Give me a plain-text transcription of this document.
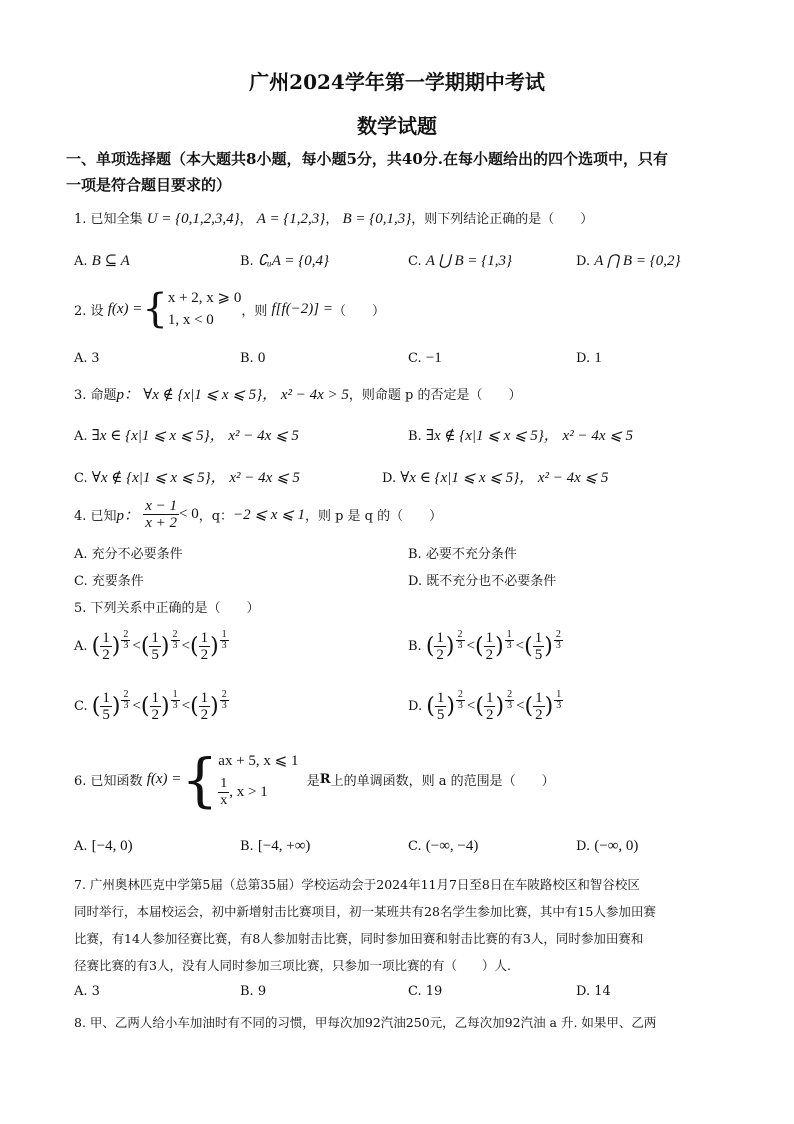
广州2024学年第一学期期中考试
数学试题
一、单项选择题（本大题共8小题，每小题5分，共40分.在每小题给出的四个选项中，只有
一项是符合题目要求的）
1. 已知全集 U = {0,1,2,3,4}， A = {1,2,3}， B = {0,1,3}，则下列结论正确的是（　　）
A. B ⊆ A	B. ∁ᵤA = {0,4}	C. A ⋃ B = {1,3}	D. A ⋂ B = {0,2}
2. 设
f(x) = { x + 2, x ⩾ 0
1, x < 0
，则
f[f(−2)] = （　　）
A. 3	B. 0	C. −1	D. 1
3. 命题p： ∀x ∉ {x|1 ⩽ x ⩽ 5}， x² − 4x > 5，则命题 p 的否定是（　　）
A. ∃x ∈ {x|1 ⩽ x ⩽ 5}， x² − 4x ⩽ 5	B. ∃x ∉ {x|1 ⩽ x ⩽ 5}， x² − 4x ⩽ 5
C. ∀x ∉ {x|1 ⩽ x ⩽ 5}， x² − 4x ⩽ 5	D. ∀x ∈ {x|1 ⩽ x ⩽ 5}， x² − 4x ⩽ 5
4. 已知 p：
$\frac{x - 1}{x + 2} < 0$ ，q： −2 ⩽ x ⩽ 1 ，则 p 是 q 的（　　）
A. 充分不必要条件	B. 必要不充分条件
C. 充要条件	D. 既不充分也不必要条件
5. 下列关系中正确的是（　　）
A.
( $\frac{1}{2}$ ) $\frac{2}{3}$ < ( $\frac{1}{5}$ ) $\frac{2}{3}$ < ( $\frac{1}{2}$ ) $\frac{1}{3}$	B.
( $\frac{1}{2}$ ) $\frac{2}{3}$ < ( $\frac{1}{2}$ ) $\frac{1}{3}$ < ( $\frac{1}{5}$ ) $\frac{2}{3}$
C.
( $\frac{1}{5}$ ) $\frac{2}{3}$ < ( $\frac{1}{2}$ ) $\frac{1}{3}$ < ( $\frac{1}{2}$ ) $\frac{2}{3}$	D.
( $\frac{1}{5}$ ) $\frac{2}{3}$ < ( $\frac{1}{2}$ ) $\frac{2}{3}$ < ( $\frac{1}{2}$ ) $\frac{1}{3}$
6. 已知函数
f(x) = { ax + 5, x ⩽ 1
$\frac{1}{x}$ , x > 1

是 R 上的单调函数，则 a 的范围是（　　）
A. [−4, 0)	B. [−4, +∞)	C. (−∞, −4)	D. (−∞, 0)
7. 广州奥林匹克中学第5届（总第35届）学校运动会于2024年11月7日至8日在车陂路校区和智谷校区
同时举行，本届校运会，初中新增射击比赛项目，初一某班共有28名学生参加比赛，其中有15人参加田赛
比赛，有14人参加径赛比赛，有8人参加射击比赛，同时参加田赛和射击比赛的有3人，同时参加田赛和
径赛比赛的有3人，没有人同时参加三项比赛，只参加一项比赛的有（　　）人.
A. 3	B. 9	C. 19	D. 14
8. 甲、乙两人给小车加油时有不同的习惯，甲每次加92汽油250元，乙每次加92汽油 a 升. 如果甲、乙两
